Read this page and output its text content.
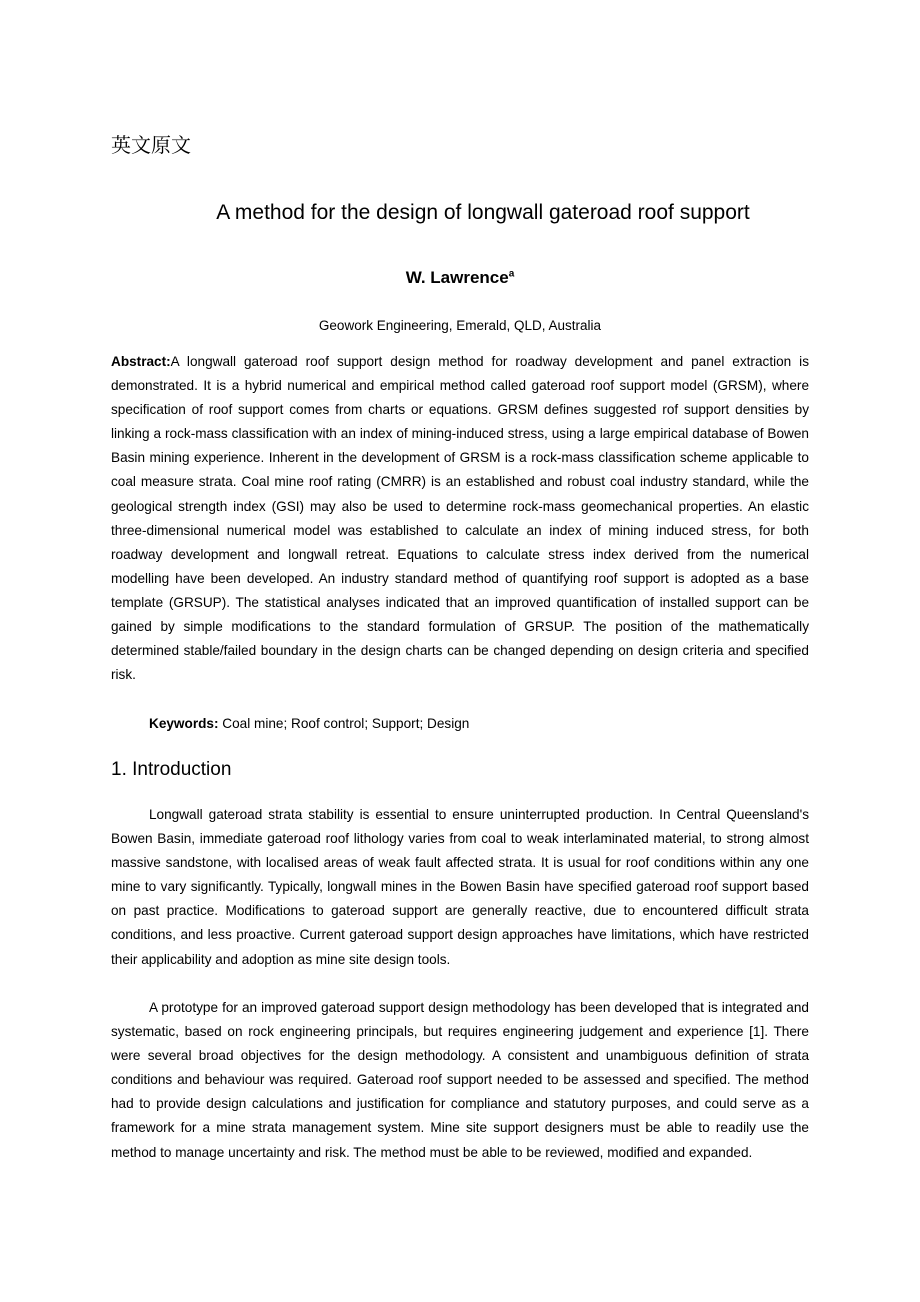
英文原文
A method for the design of longwall gateroad roof support
W. Lawrence$^a$
Geowork Engineering, Emerald, QLD, Australia
Abstract:A longwall gateroad roof support design method for roadway development and panel extraction is demonstrated. It is a hybrid numerical and empirical method called gateroad roof support model (GRSM), where specification of roof support comes from charts or equations. GRSM defines suggested rof support densities by linking a rock-mass classification with an index of mining-induced stress, using a large empirical database of Bowen Basin mining experience. Inherent in the development of GRSM is a rock-mass classification scheme applicable to coal measure strata. Coal mine roof rating (CMRR) is an established and robust coal industry standard, while the geological strength index (GSI) may also be used to determine rock-mass geomechanical properties. An elastic three-dimensional numerical model was established to calculate an index of mining induced stress, for both roadway development and longwall retreat. Equations to calculate stress index derived from the numerical modelling have been developed. An industry standard method of quantifying roof support is adopted as a base template (GRSUP). The statistical analyses indicated that an improved quantification of installed support can be gained by simple modifications to the standard formulation of GRSUP. The position of the mathematically determined stable/failed boundary in the design charts can be changed depending on design criteria and specified risk.
Keywords: Coal mine; Roof control; Support; Design
1. Introduction
Longwall gateroad strata stability is essential to ensure uninterrupted production. In Central Queensland's Bowen Basin, immediate gateroad roof lithology varies from coal to weak interlaminated material, to strong almost massive sandstone, with localised areas of weak fault affected strata. It is usual for roof conditions within any one mine to vary significantly. Typically, longwall mines in the Bowen Basin have specified gateroad roof support based on past practice. Modifications to gateroad support are generally reactive, due to encountered difficult strata conditions, and less proactive. Current gateroad support design approaches have limitations, which have restricted their applicability and adoption as mine site design tools.
A prototype for an improved gateroad support design methodology has been developed that is integrated and systematic, based on rock engineering principals, but requires engineering judgement and experience [1]. There were several broad objectives for the design methodology. A consistent and unambiguous definition of strata conditions and behaviour was required. Gateroad roof support needed to be assessed and specified. The method had to provide design calculations and justification for compliance and statutory purposes, and could serve as a framework for a mine strata management system. Mine site support designers must be able to readily use the method to manage uncertainty and risk. The method must be able to be reviewed, modified and expanded.
